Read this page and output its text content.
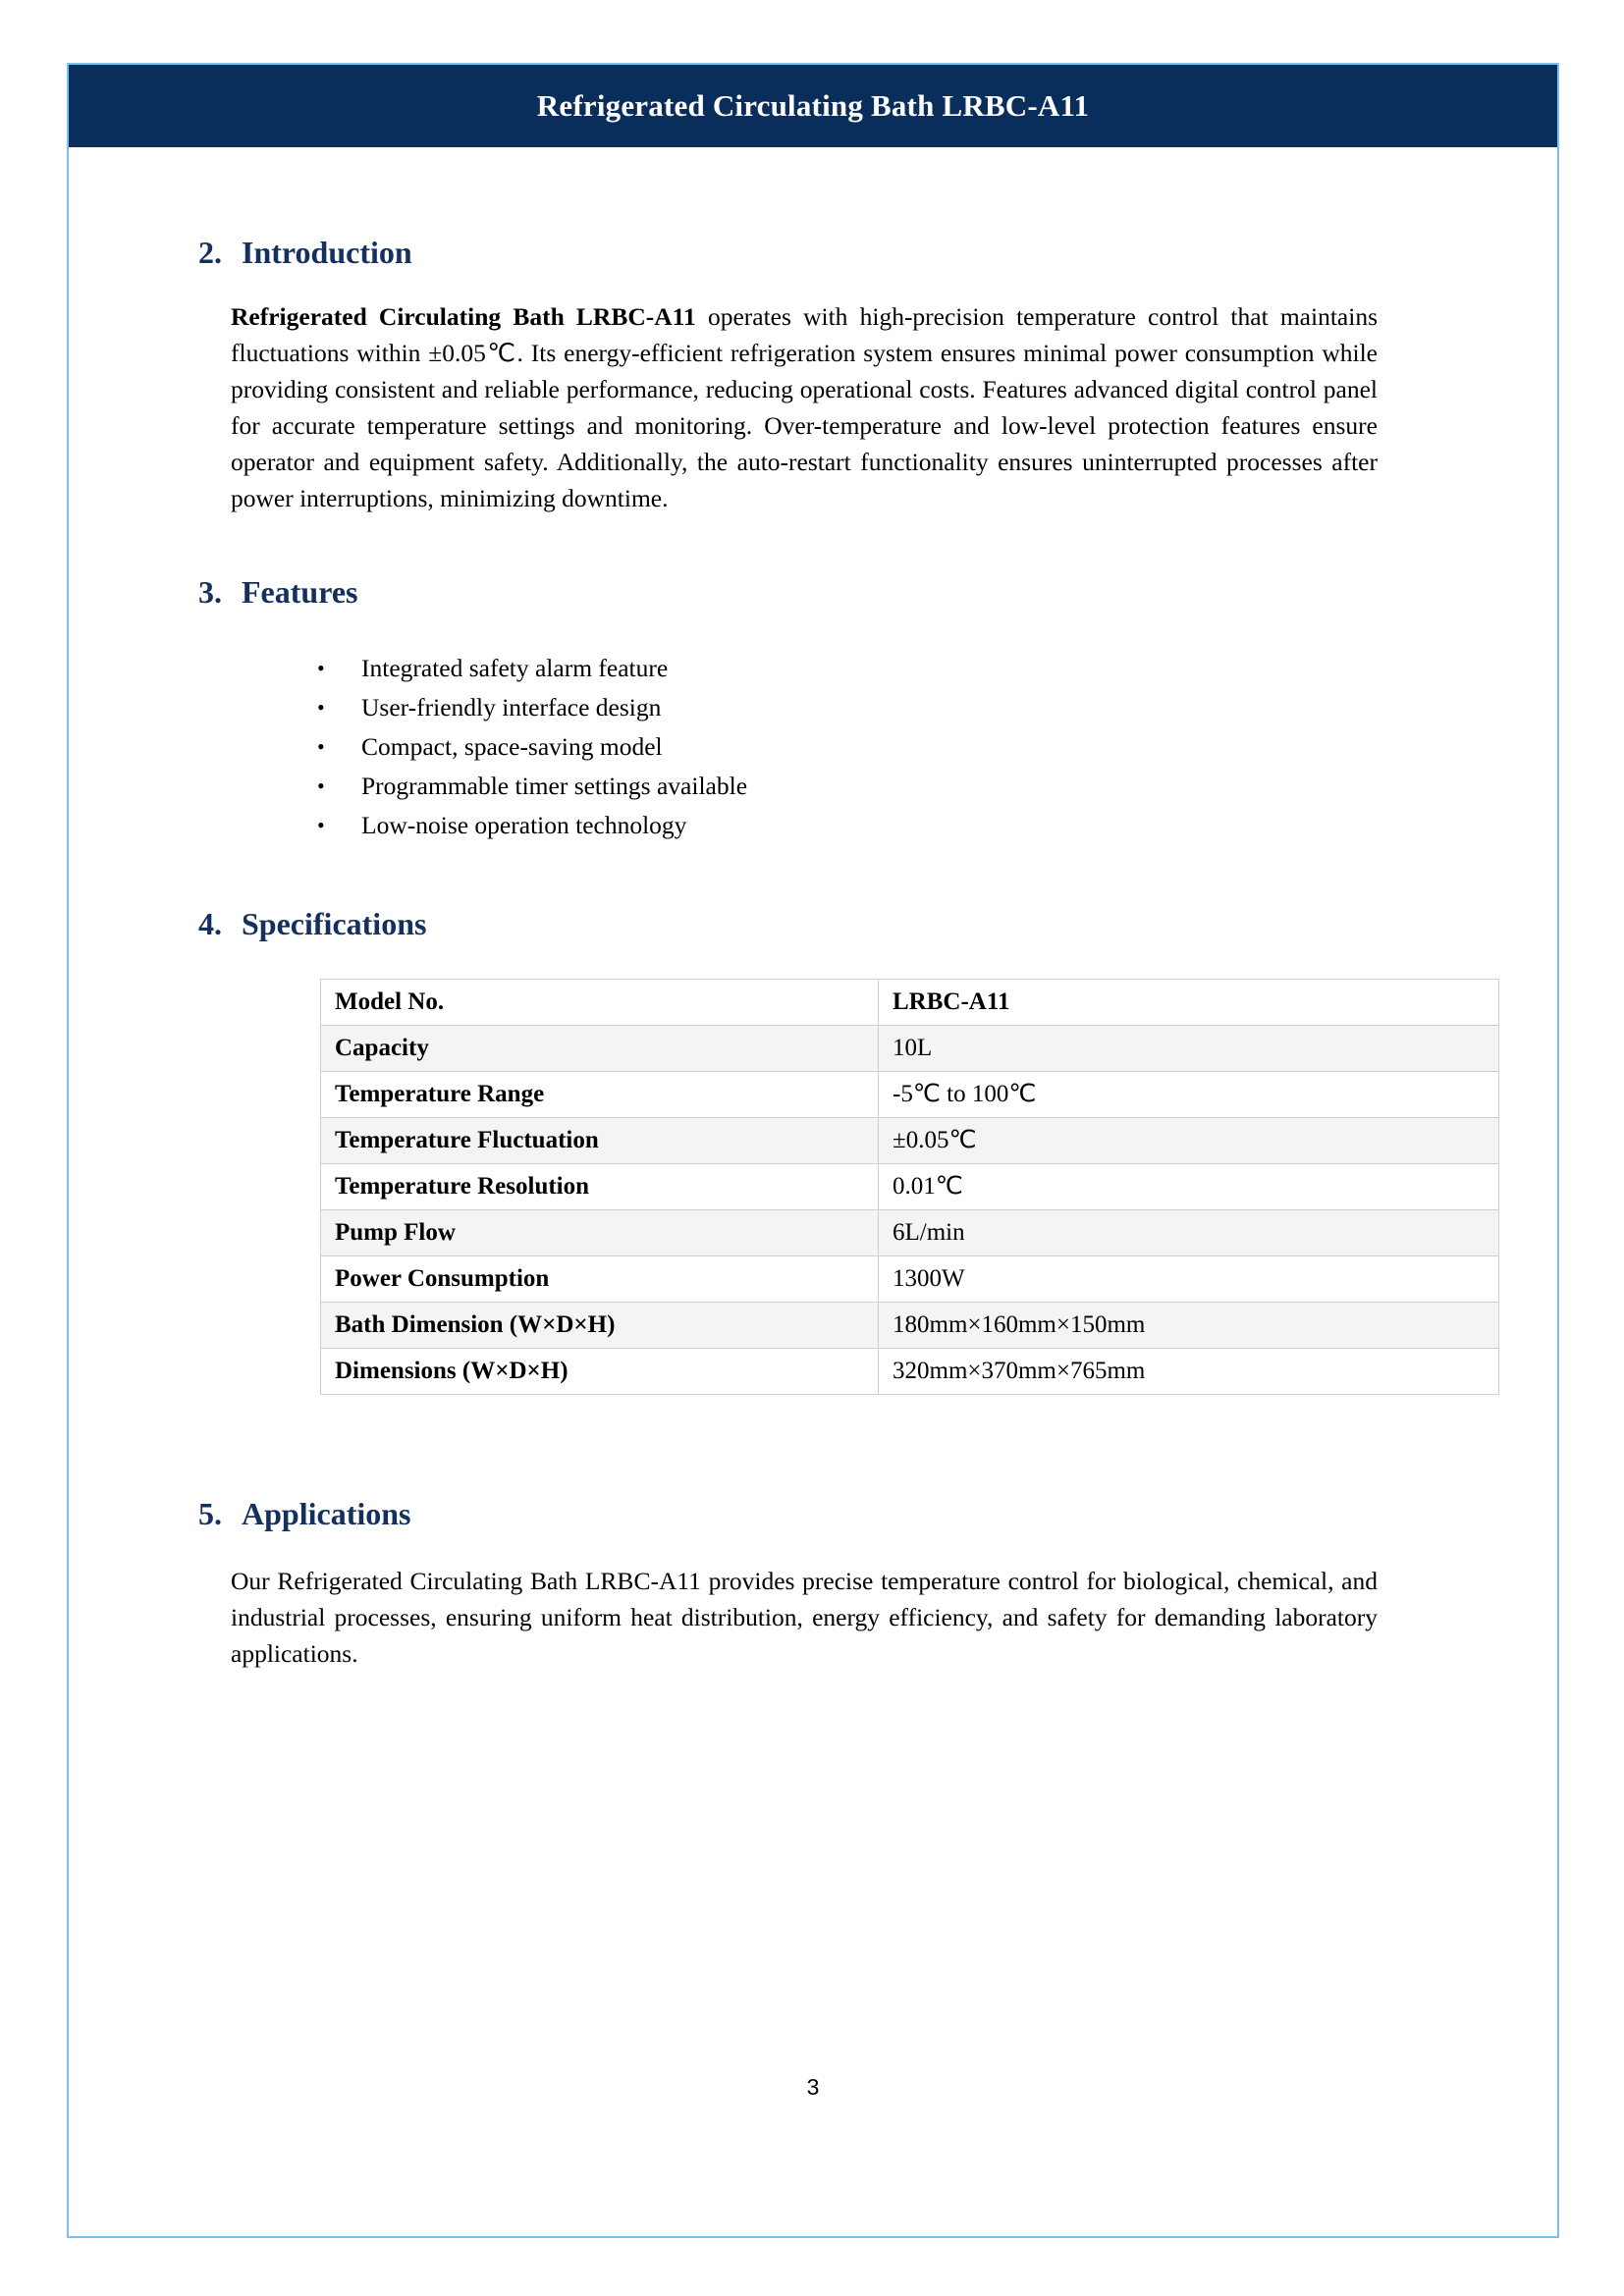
Refrigerated Circulating Bath LRBC-A11
2. Introduction

Refrigerated Circulating Bath LRBC-A11 operates with high-precision temperature control that maintains fluctuations within ±0.05℃. Its energy-efficient refrigeration system ensures minimal power consumption while providing consistent and reliable performance, reducing operational costs. Features advanced digital control panel for accurate temperature settings and monitoring. Over-temperature and low-level protection features ensure operator and equipment safety. Additionally, the auto-restart functionality ensures uninterrupted processes after power interruptions, minimizing downtime.

3. Features
• Integrated safety alarm feature
• User-friendly interface design
• Compact, space-saving model
• Programmable timer settings available
• Low-noise operation technology
4. Specifications
Model No.	LRBC-A11
Capacity	10L
Temperature Range	-5℃ to 100℃
Temperature Fluctuation	±0.05℃
Temperature Resolution	0.01℃
Pump Flow	6L/min
Power Consumption	1300W
Bath Dimension (W×D×H)	180mm×160mm×150mm
Dimensions (W×D×H)	320mm×370mm×765mm
5. Applications

Our Refrigerated Circulating Bath LRBC-A11 provides precise temperature control for biological, chemical, and industrial processes, ensuring uniform heat distribution, energy efficiency, and safety for demanding laboratory applications.

3
